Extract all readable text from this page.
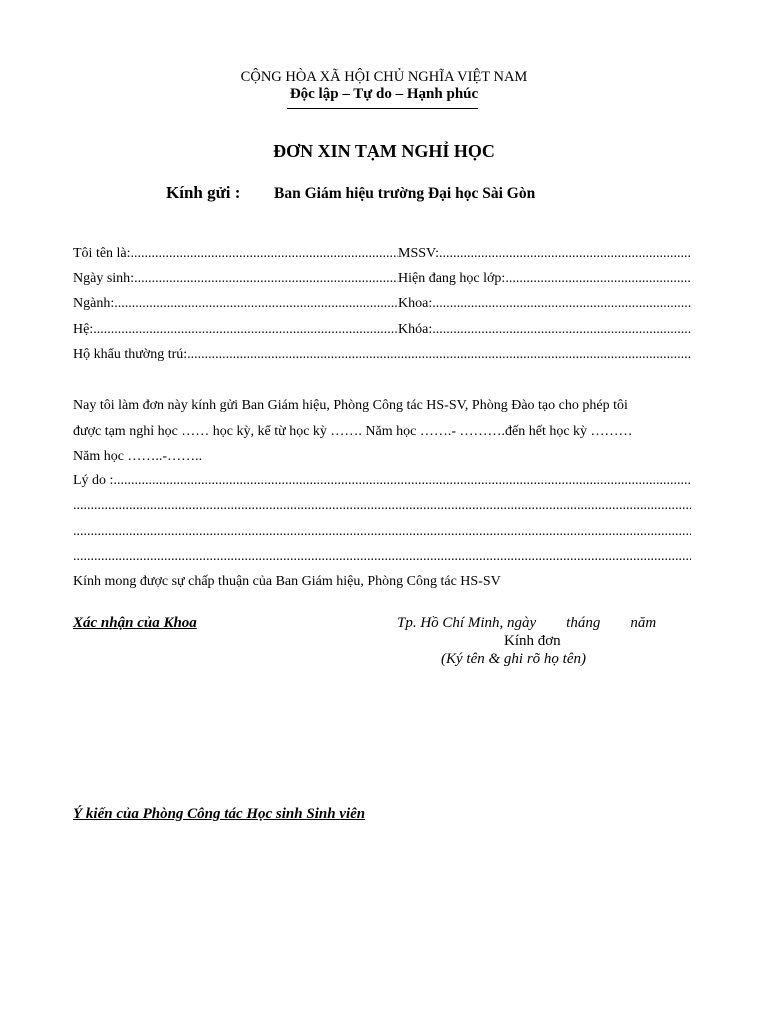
CỘNG HÒA XÃ HỘI CHỦ NGHĨA VIỆT NAM
Độc lập – Tự do – Hạnh phúc
ĐƠN XIN TẠM NGHỈ HỌC
Kính gửi : Ban Giám hiệu trường Đại học Sài Gòn
Tôi tên là: .....	MSSV:
.....
Ngày sinh: .....	Hiện đang học lớp:
.....
Ngành: .....	Khoa:
.....
Hệ: .....	Khóa:
.....
Hộ khẩu thường trú:
.....
Nay tôi làm đơn này kính gửi Ban Giám hiệu, Phòng Công tác HS-SV, Phòng Đào tạo cho phép tôi
được tạm nghỉ học …… học kỳ, kể từ học kỳ ……. Năm học …….- ……….đến hết học kỳ ………
Năm học ……..-……..
Lý do :
.....
.....
.....
.....
Kính mong được sự chấp thuận của Ban Giám hiệu, Phòng Công tác HS-SV
Xác nhận của Khoa	Tp. Hồ Chí Minh, ngày        tháng        năm
Kính đơn
(Ký tên & ghi rõ họ tên)
Ý kiến của Phòng Công tác Học sinh Sinh viên
